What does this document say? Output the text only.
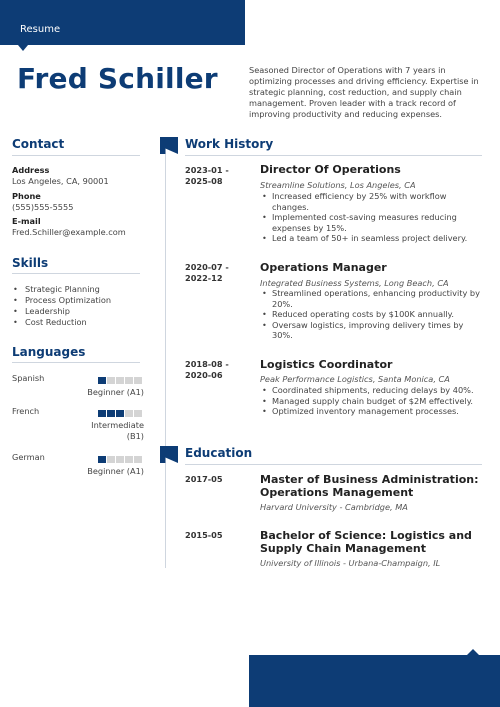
Resume
Fred Schiller	Seasoned Director of Operations with 7 years in optimizing processes and driving efficiency. Expertise in strategic planning, cost reduction, and supply chain management. Proven leader with a track record of improving productivity and reducing expenses.
Contact
Address
Los Angeles, CA, 90001
Phone
(555)555-5555
E-mail
Fred.Schiller@example.com
Skills
• Strategic Planning
• Process Optimization
• Leadership
• Cost Reduction
Languages
Spanish
Beginner (A1)
French
Intermediate (B1)
German
Beginner (A1)
Work History
2023-01 - 2025-08
Director Of Operations
Streamline Solutions, Los Angeles, CA
• Increased efficiency by 25% with workflow changes.
• Implemented cost-saving measures reducing expenses by 15%.
• Led a team of 50+ in seamless project delivery.
2020-07 - 2022-12
Operations Manager
Integrated Business Systems, Long Beach, CA
• Streamlined operations, enhancing productivity by 20%.
• Reduced operating costs by $100K annually.
• Oversaw logistics, improving delivery times by 30%.
2018-08 - 2020-06
Logistics Coordinator
Peak Performance Logistics, Santa Monica, CA
• Coordinated shipments, reducing delays by 40%.
• Managed supply chain budget of $2M effectively.
• Optimized inventory management processes.
Education
2017-05	Master of Business Administration: Operations Management
Harvard University - Cambridge, MA
2015-05	Bachelor of Science: Logistics and Supply Chain Management
University of Illinois - Urbana-Champaign, IL
